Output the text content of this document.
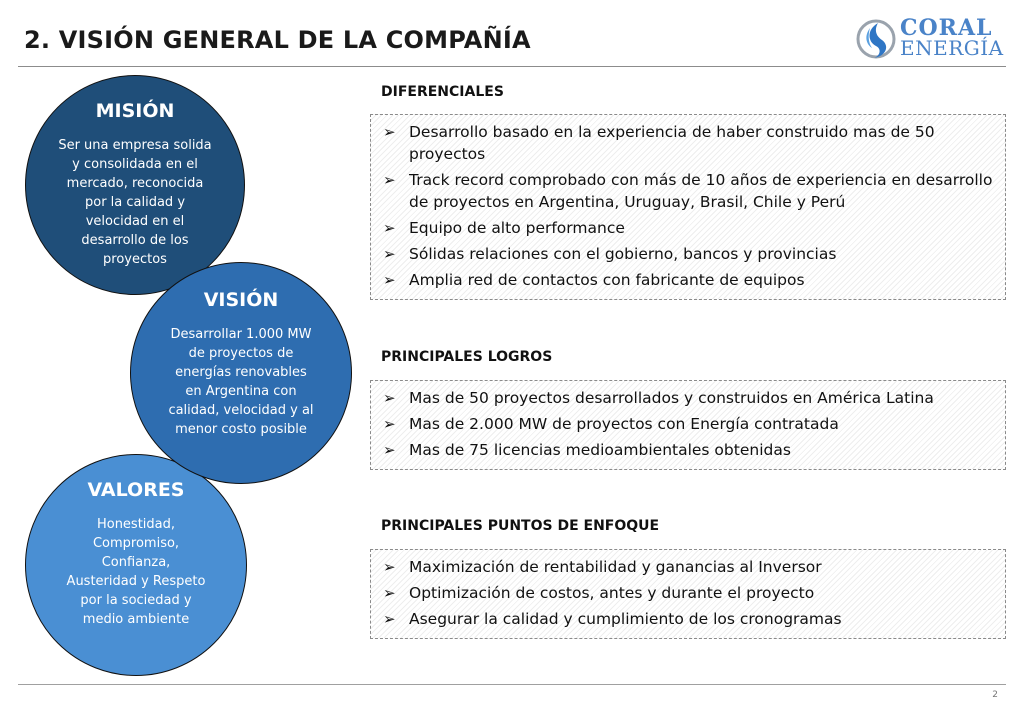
2. VISIÓN GENERAL DE LA COMPAÑÍA	CORAL
ENERGÍA
MISIÓN
Ser una empresa solida y consolidada en el mercado, reconocida por la calidad y velocidad en el desarrollo de los proyectos
VALORES
Honestidad, Compromiso, Confianza, Austeridad y Respeto por la sociedad y medio ambiente
VISIÓN
Desarrollar 1.000 MW de proyectos de energías renovables en Argentina con calidad, velocidad y al menor costo posible
DIFERENCIALES
➢ Desarrollo basado en la experiencia de haber construido mas de 50 proyectos
➢ Track record comprobado con más de 10 años de experiencia en desarrollo de proyectos en Argentina, Uruguay, Brasil, Chile y Perú
➢ Equipo de alto performance
➢ Sólidas relaciones con el gobierno, bancos y provincias
➢ Amplia red de contactos con fabricante de equipos
PRINCIPALES LOGROS
➢ Mas de 50 proyectos desarrollados y construidos en América Latina
➢ Mas de 2.000 MW de proyectos con Energía contratada
➢ Mas de 75 licencias medioambientales obtenidas
PRINCIPALES PUNTOS DE ENFOQUE
➢ Maximización de rentabilidad y ganancias al Inversor
➢ Optimización de costos, antes y durante el proyecto
➢ Asegurar la calidad y cumplimiento de los cronogramas
2
